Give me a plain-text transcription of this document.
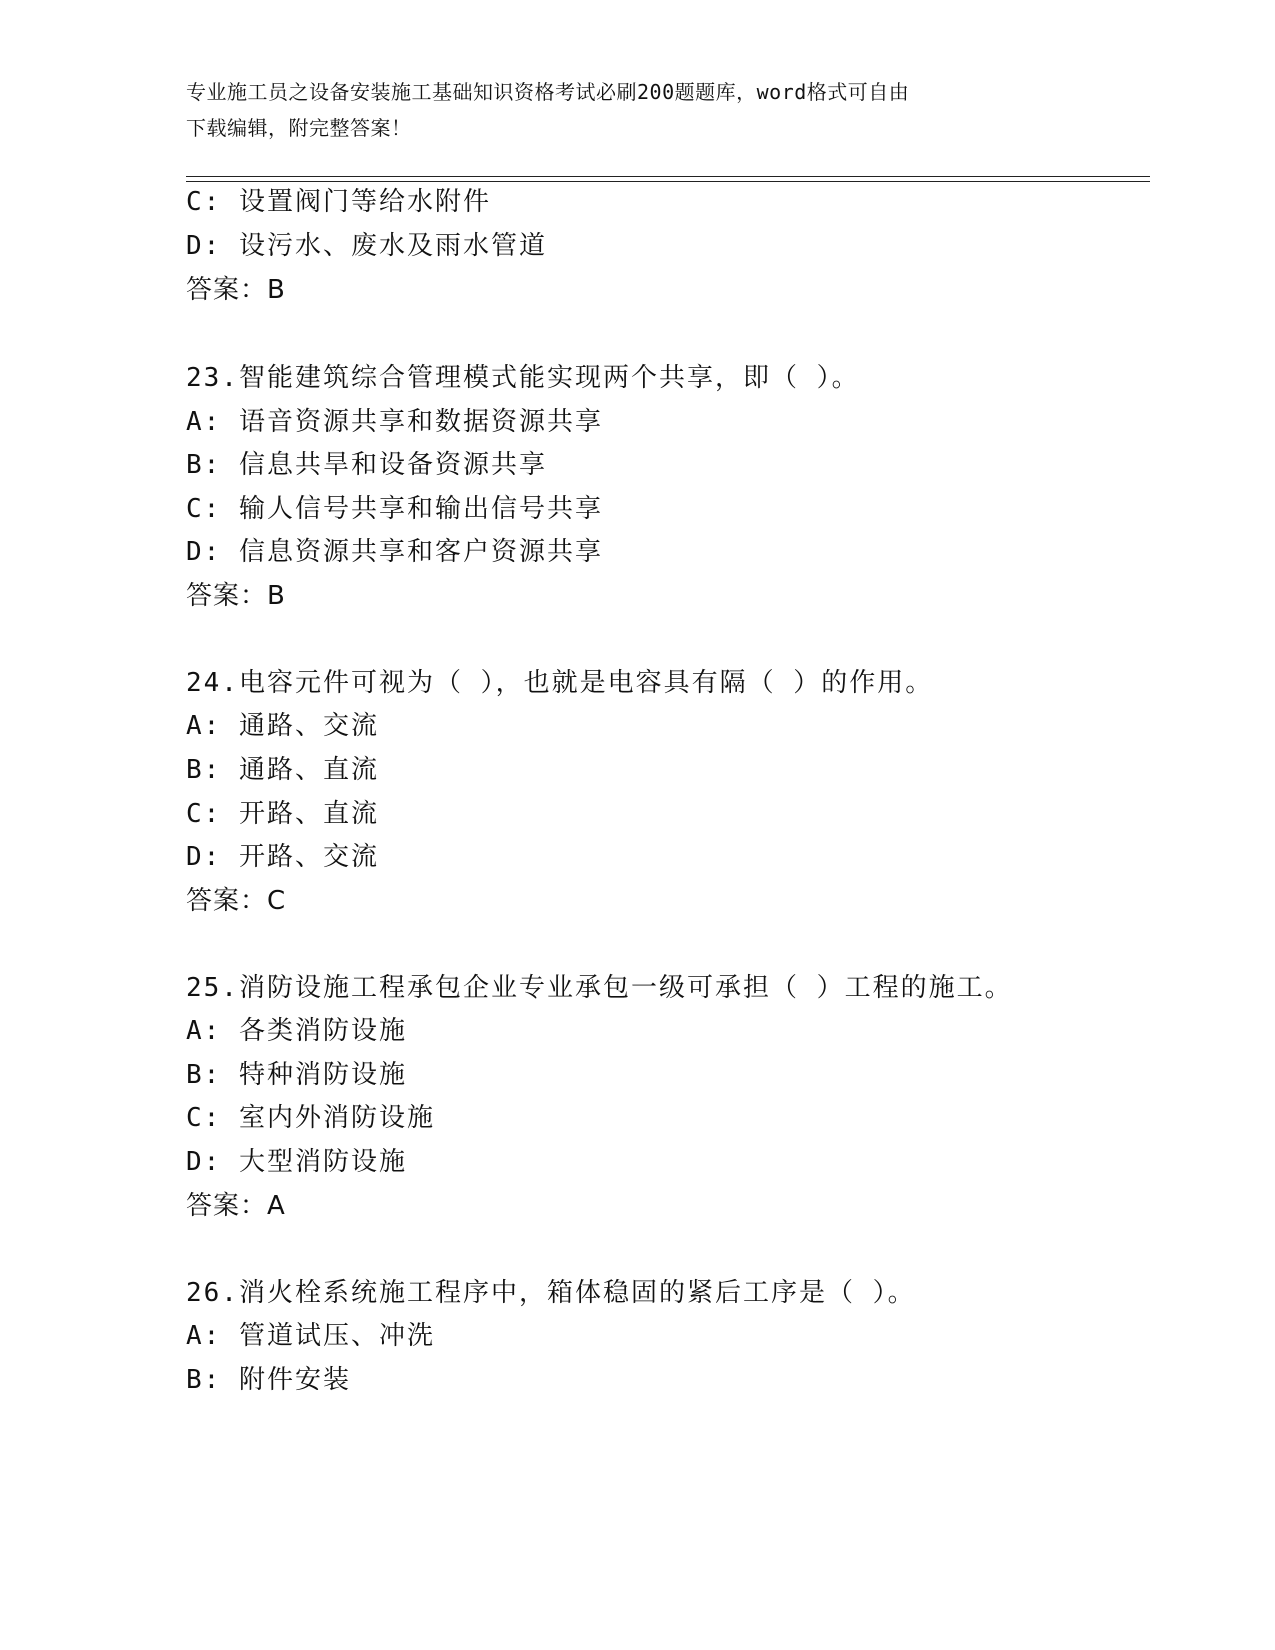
专业施工员之设备安装施工基础知识资格考试必刷200题题库，word格式可自由
下载编辑，附完整答案！
C: 设置阀门等给水附件
D: 设污水、废水及雨水管道
答案：B
23.智能建筑综合管理模式能实现两个共享，即（ ）。
A: 语音资源共享和数据资源共享
B: 信息共旱和设备资源共享
C: 输人信号共享和输出信号共享
D: 信息资源共享和客户资源共享
答案：B
24.电容元件可视为（ ），也就是电容具有隔（ ）的作用。
A: 通路、交流
B: 通路、直流
C: 开路、直流
D: 开路、交流
答案：C
25.消防设施工程承包企业专业承包一级可承担（ ）工程的施工。
A: 各类消防设施
B: 特种消防设施
C: 室内外消防设施
D: 大型消防设施
答案：A
26.消火栓系统施工程序中，箱体稳固的紧后工序是（ ）。
A: 管道试压、冲洗
B: 附件安装
